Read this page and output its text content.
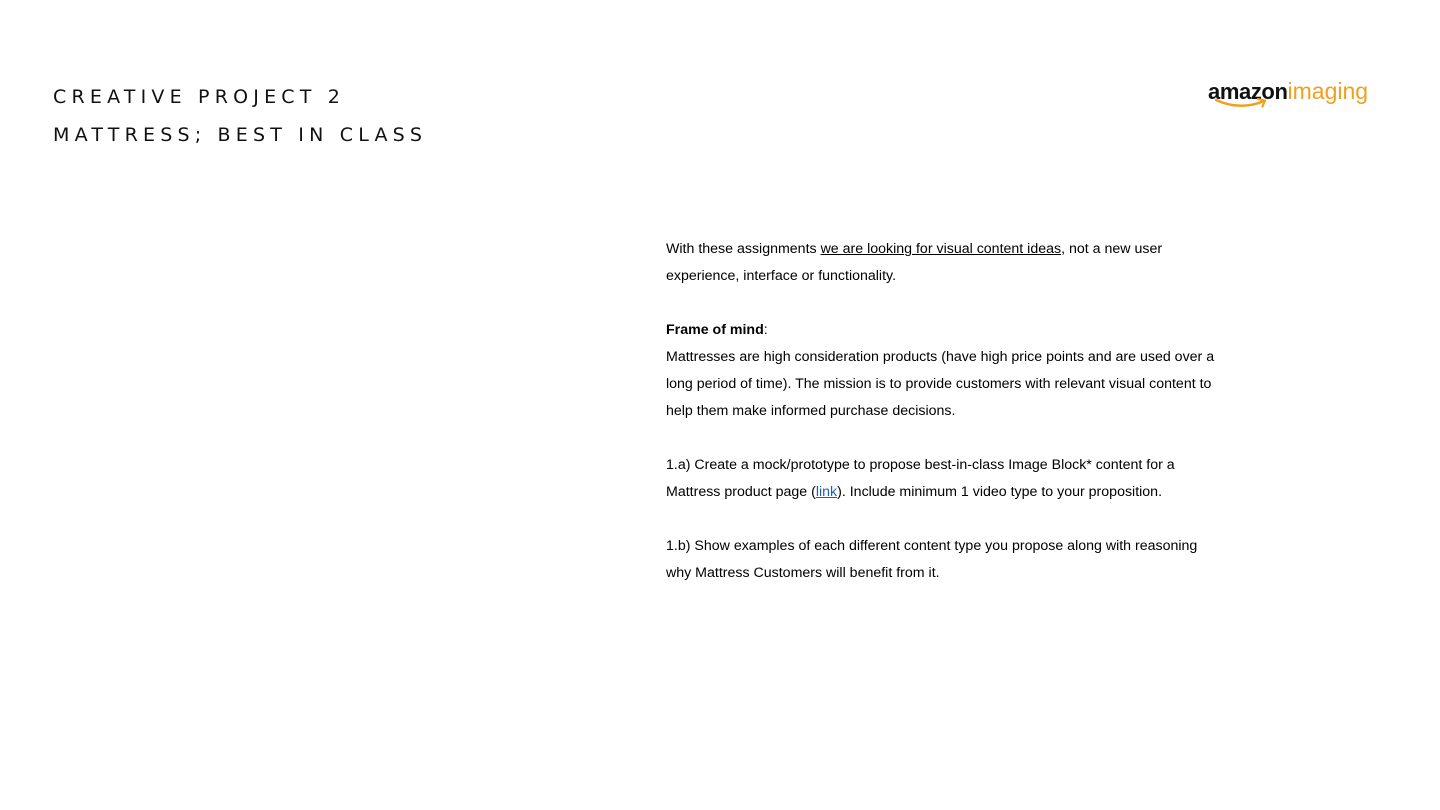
CREATIVE PROJECT 2
MATTRESS; BEST IN CLASS
amazonimaging

With these assignments we are looking for visual content ideas, not a new user experience, interface or functionality.

Frame of mind:
Mattresses are high consideration products (have high price points and are used over a long period of time). The mission is to provide customers with relevant visual content to help them make informed purchase decisions.

1.a) Create a mock/prototype to propose best-in-class Image Block* content for a Mattress product page (link). Include minimum 1 video type to your proposition.

1.b) Show examples of each different content type you propose along with reasoning why Mattress Customers will benefit from it.
